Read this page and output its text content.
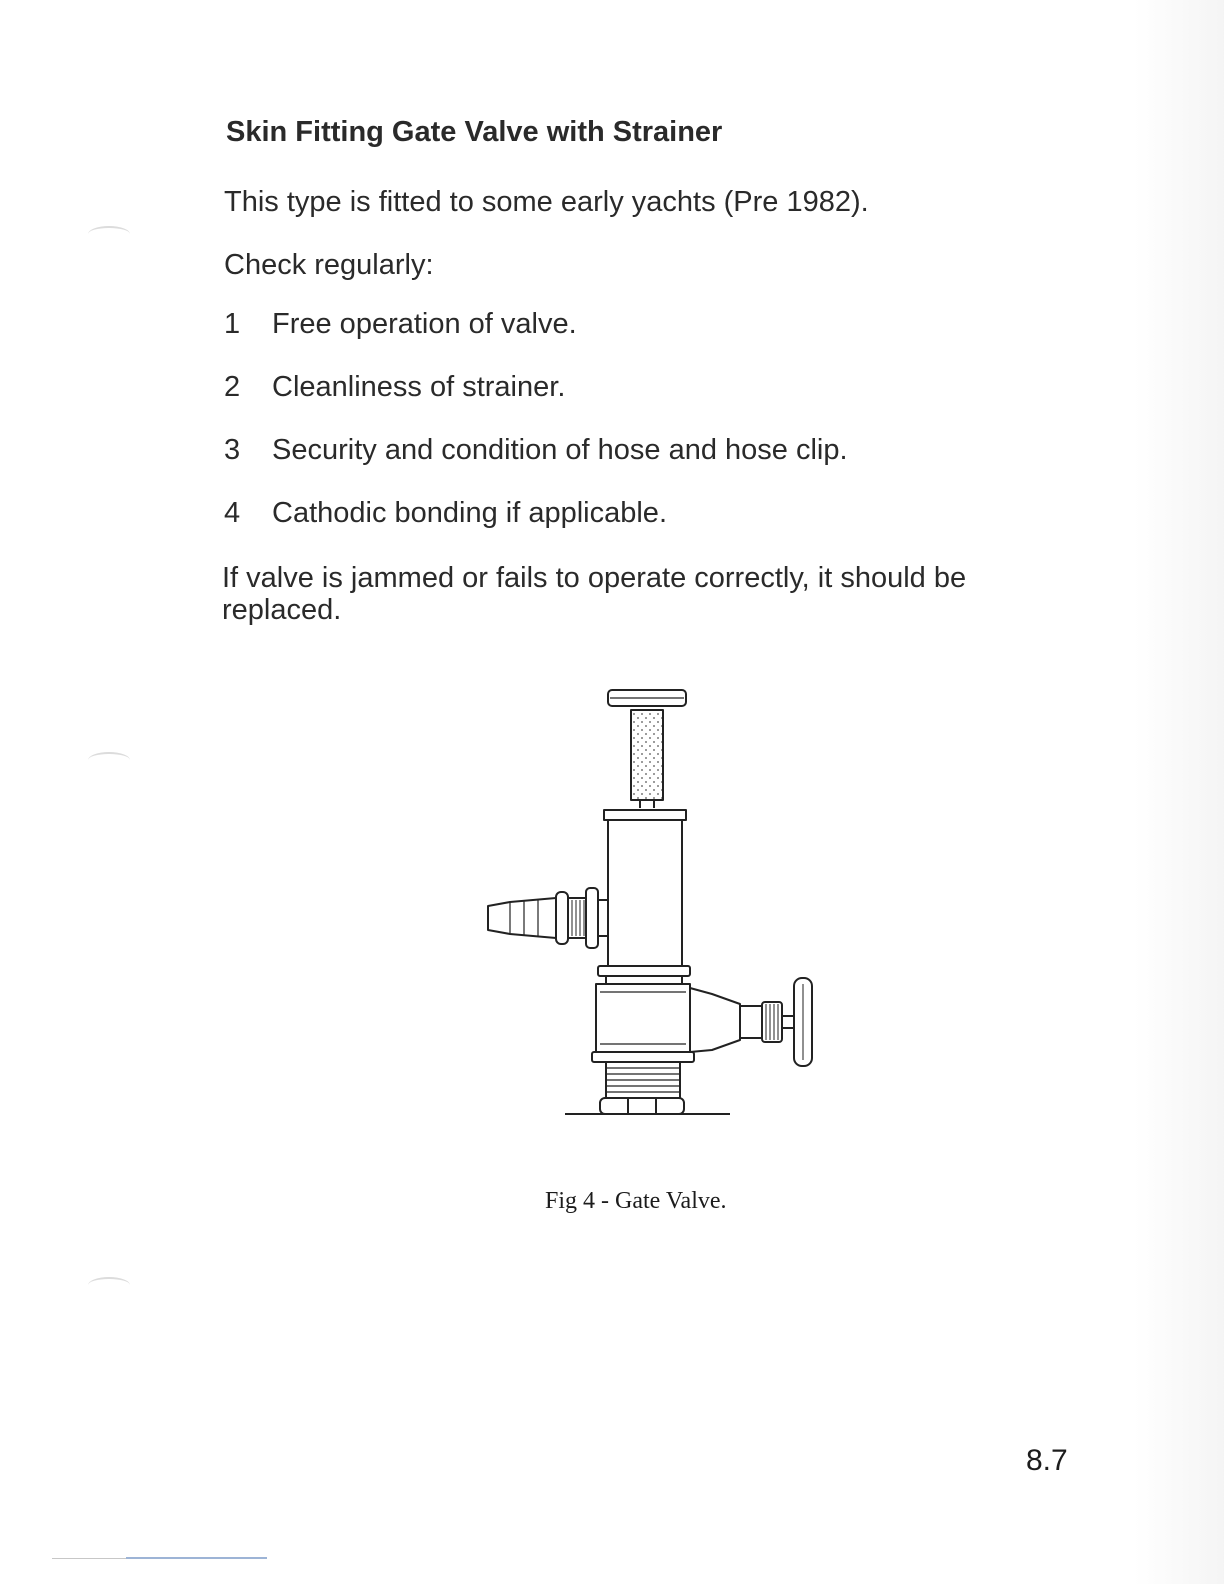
Skin Fitting Gate Valve with Strainer

This type is fitted to some early yachts (Pre 1982).

Check regularly:

1	Free operation of valve.
2	Cleanliness of strainer.
3	Security and condition of hose and hose clip.
4	Cathodic bonding if applicable.

If valve is jammed or fails to operate correctly, it should be replaced.

Fig 4 - Gate Valve.

8.7
